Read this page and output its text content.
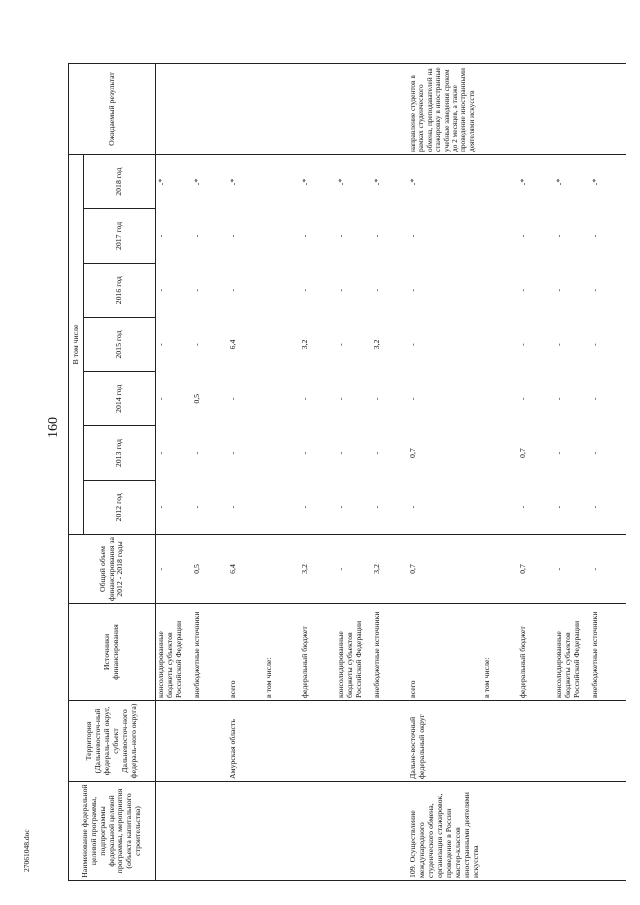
160
Наименование федеральной целевой программы, подпрограммы федеральной целевой программы, мероприятия (объекта капитального строительства)	Территория (Дальневосточ-ный федераль-ный округ, субъект Дальневосточ-ного федераль-ного округа)	Источники финансирования	Общий объем финансирования за 2012 - 2018 годы	В том числе							Ожидаемый результат
				2012 год	2013 год	2014 год	2015 год	2016 год	2017 год	2018 год	
		консолидированные бюджеты субъектов Российской Федерации	-	-	-	-	-	-	-	-*	
		внебюджетные источники	0,5	-	-	0,5	-	-	-	-*	
	Амурская область	всего	6,4	-	-	-	6,4	-	-	-*	
		в том числе:									
		федеральный бюджет	3,2	-	-	-	3,2	-	-	-*	
		консолидированные бюджеты субъектов Российской Федерации	-	-	-	-	-	-	-	-*	
		внебюджетные источники	3,2	-	-	-	3,2	-	-	-*	
109. Осуществление международного студенческого обмена, организация стажировок, проведение в России мастер-классов иностранными деятелями искусства	Дальне-восточный федеральный округ	всего	0,7	-	0,7	-	-	-	-	-*	направление студентов в рамках студенческого обмена, преподавателей на стажировку в иностранные учебные заведения сроком до 2 месяцев, а также проведение иностранными деятелями искусств
		в том числе:									
		федеральный бюджет	0,7	-	0,7	-	-	-	-	-*	
		консолидированные бюджеты субъектов Российской Федерации	-	-	-	-	-	-	-	-*	
		внебюджетные источники	-	-	-	-	-	-	-	-*	
27061048.doc
